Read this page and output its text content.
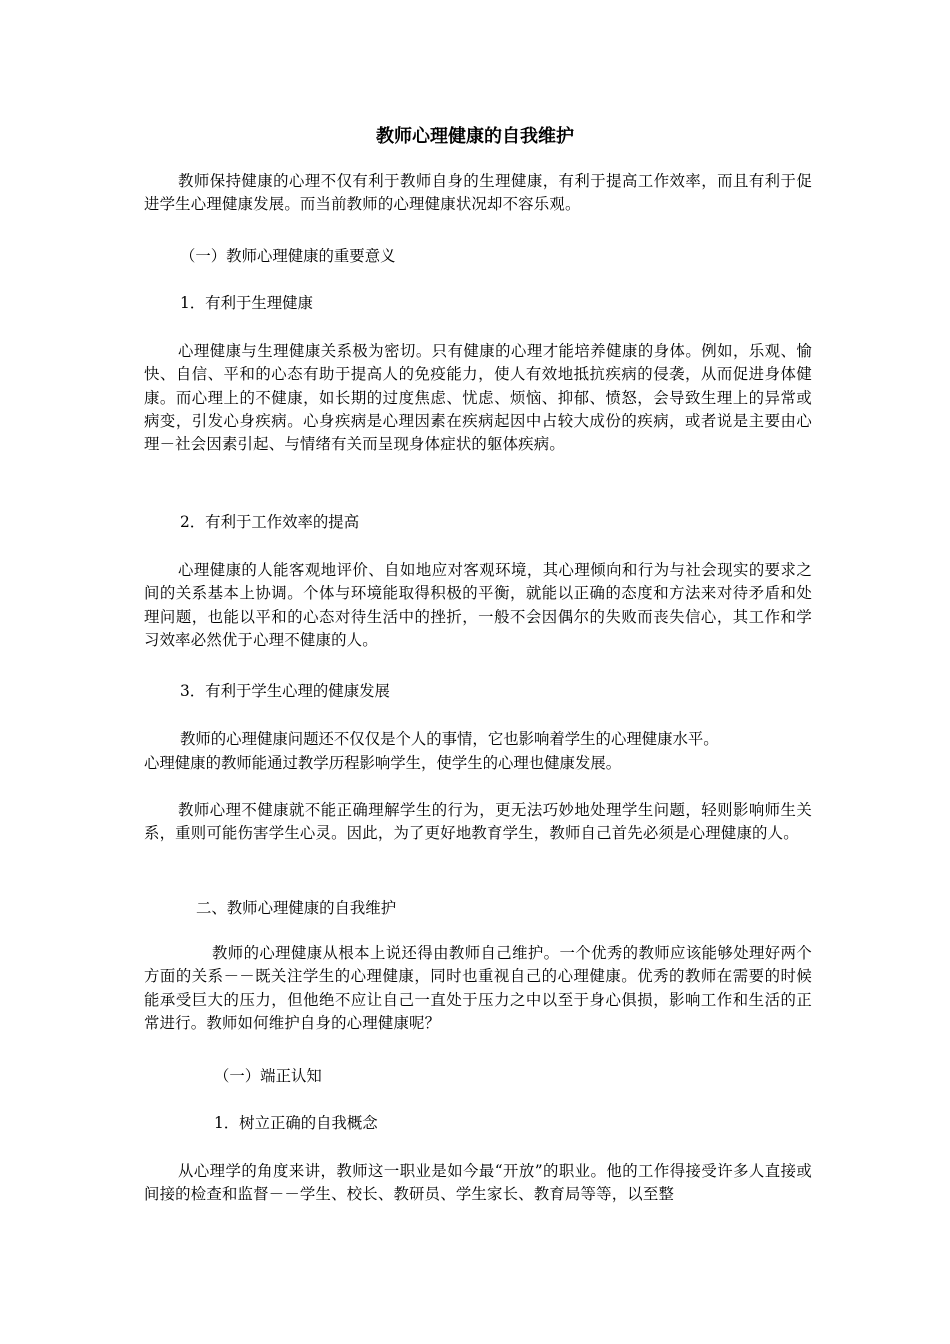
教师心理健康的自我维护

教师保持健康的心理不仅有利于教师自身的生理健康，有利于提高工作效率，而且有利于促进学生心理健康发展。而当前教师的心理健康状况却不容乐观。

（一）教师心理健康的重要意义

1．有利于生理健康

心理健康与生理健康关系极为密切。只有健康的心理才能培养健康的身体。例如，乐观、愉快、自信、平和的心态有助于提高人的免疫能力，使人有效地抵抗疾病的侵袭，从而促进身体健康。而心理上的不健康，如长期的过度焦虑、忧虑、烦恼、抑郁、愤怒，会导致生理上的异常或病变，引发心身疾病。心身疾病是心理因素在疾病起因中占较大成份的疾病，或者说是主要由心理－社会因素引起、与情绪有关而呈现身体症状的躯体疾病。

2．有利于工作效率的提高

心理健康的人能客观地评价、自如地应对客观环境，其心理倾向和行为与社会现实的要求之间的关系基本上协调。个体与环境能取得积极的平衡，就能以正确的态度和方法来对待矛盾和处理问题，也能以平和的心态对待生活中的挫折，一般不会因偶尔的失败而丧失信心，其工作和学习效率必然优于心理不健康的人。

3．有利于学生心理的健康发展

教师的心理健康问题还不仅仅是个人的事情，它也影响着学生的心理健康水平。

心理健康的教师能通过教学历程影响学生，使学生的心理也健康发展。

教师心理不健康就不能正确理解学生的行为，更无法巧妙地处理学生问题，轻则影响师生关系，重则可能伤害学生心灵。因此，为了更好地教育学生，教师自己首先必须是心理健康的人。

二、教师心理健康的自我维护

教师的心理健康从根本上说还得由教师自己维护。一个优秀的教师应该能够处理好两个方面的关系－－既关注学生的心理健康，同时也重视自己的心理健康。优秀的教师在需要的时候能承受巨大的压力，但他绝不应让自己一直处于压力之中以至于身心俱损，影响工作和生活的正常进行。教师如何维护自身的心理健康呢？

（一）端正认知

1．树立正确的自我概念

从心理学的角度来讲，教师这一职业是如今最“开放”的职业。他的工作得接受许多人直接或间接的检查和监督－－学生、校长、教研员、学生家长、教育局等等，以至整
